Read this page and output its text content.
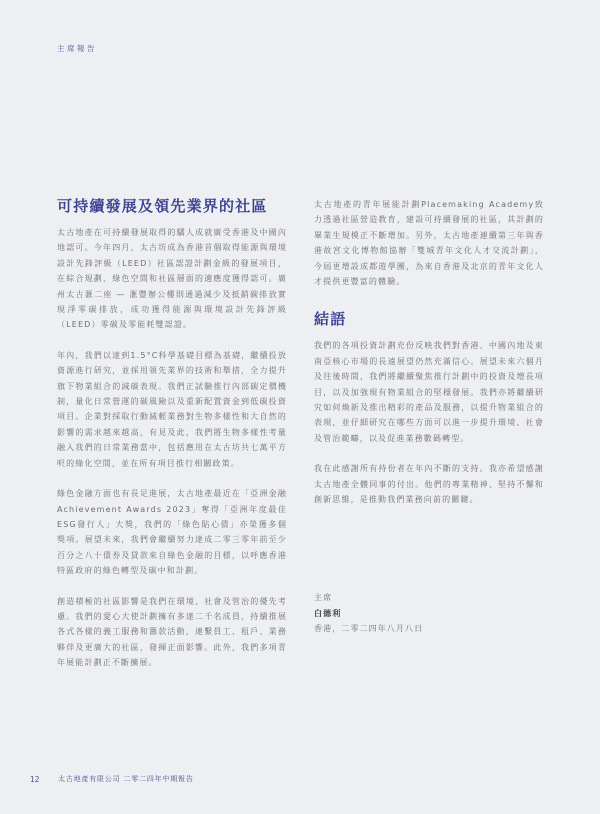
主席報告
可持續發展及領先業界的社區

太古地產在可持續發展取得的驕人成就廣受香港及中國內地認可。今年四月，太古坊成為香港首個取得能源與環境設計先鋒評級（LEED）社區認證計劃金級的發展項目，在綜合規劃、綠色空間和社區層面的適應度獲得認可。廣州太古滙二座 — 滙豐辦公樓則通過減少及抵銷碳排放實現淨零碳排放，成功獲得能源與環境設計先鋒評級（LEED）零碳及零能耗雙認證。

年內，我們以達到1.5°C科學基礎目標為基礎，繼續投放資源進行研究，並採用領先業界的技術和舉措，全力提升旗下物業組合的減碳表現。我們正試驗推行內部碳定價機制，量化日常營運的碳風險以及重新配置資金到低碳投資項目。企業對採取行動減輕業務對生物多樣性和大自然的影響的需求越來越高，有見及此，我們將生物多樣性考量融入我們的日常業務當中，包括應用在太古坊共七萬平方呎的綠化空間，並在所有項目推行相關政策。

綠色金融方面也有長足進展，太古地產最近在「亞洲金融Achievement Awards 2023」奪得「亞洲年度最佳ESG發行人」大獎，我們的「綠色貼心債」亦榮獲多個獎項。展望未來，我們會繼續努力達成二零三零年前至少百分之八十債券及貸款來自綠色金融的目標，以呼應香港特區政府的綠色轉型及碳中和計劃。

創造積極的社區影響是我們在環境、社會及管治的優先考慮。我們的愛心大使計劃擁有多達二千名成員，持續推展各式各樣的義工服務和籌款活動，連繫員工、租戶、業務夥伴及更廣大的社區，發揮正面影響。此外，我們多項青年展能計劃正不斷擴展。

太古地產的青年展能計劃Placemaking Academy致力透過社區營造教育，建設可持續發展的社區，其計劃的畢業生規模正不斷增加。另外，太古地產連續第三年與香港故宮文化博物館協辦「雙城青年文化人才交流計劃」，今屆更增設成都遊學團，為來自香港及北京的青年文化人才提供更豐富的體驗。

結語

我們的各項投資計劃充份反映我們對香港、中國內地及東南亞核心市場的長遠展望仍然充滿信心。展望未來六個月及往後時間，我們將繼續聚焦推行計劃中的投資及增長項目，以及加強現有物業組合的堅穩發展。我們亦將繼續研究如何煥新及推出精彩的產品及服務，以提升物業組合的表現，並仔細研究在哪些方面可以進一步提升環境、社會及管治範疇，以及促進業務數碼轉型。

我在此感謝所有持份者在年內不斷的支持。我亦希望感謝太古地產全體同事的付出。他們的專業精神、堅持不懈和創新思維，是推動我們業務向前的關鍵。

主席
白德利
香港，二零二四年八月八日
12	太古地產有限公司 二零二四年中期報告
